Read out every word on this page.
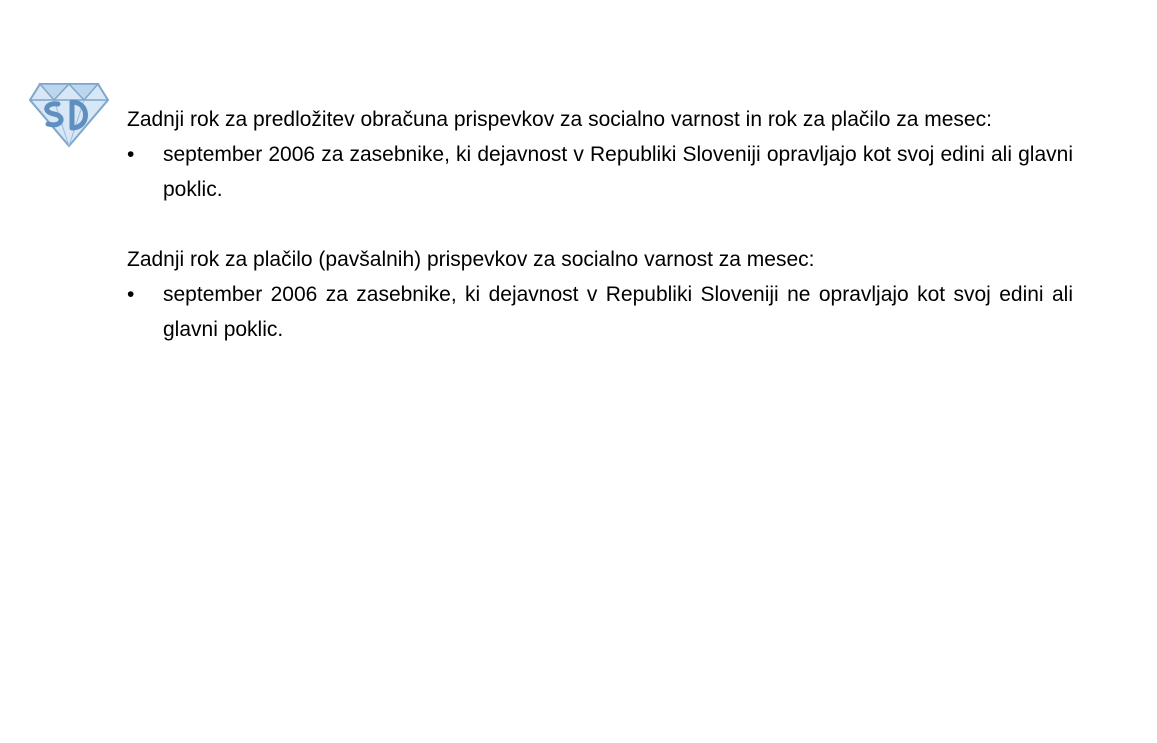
Zadnji rok za predložitev obračuna prispevkov za socialno varnost in rok za plačilo za mesec:

•	september 2006 za zasebnike, ki dejavnost v Republiki Sloveniji opravljajo kot svoj edini ali glavni poklic.

Zadnji rok za plačilo (pavšalnih) prispevkov za socialno varnost za mesec:

•	september 2006 za zasebnike, ki dejavnost v Republiki Sloveniji ne opravljajo kot svoj edini ali glavni poklic.
